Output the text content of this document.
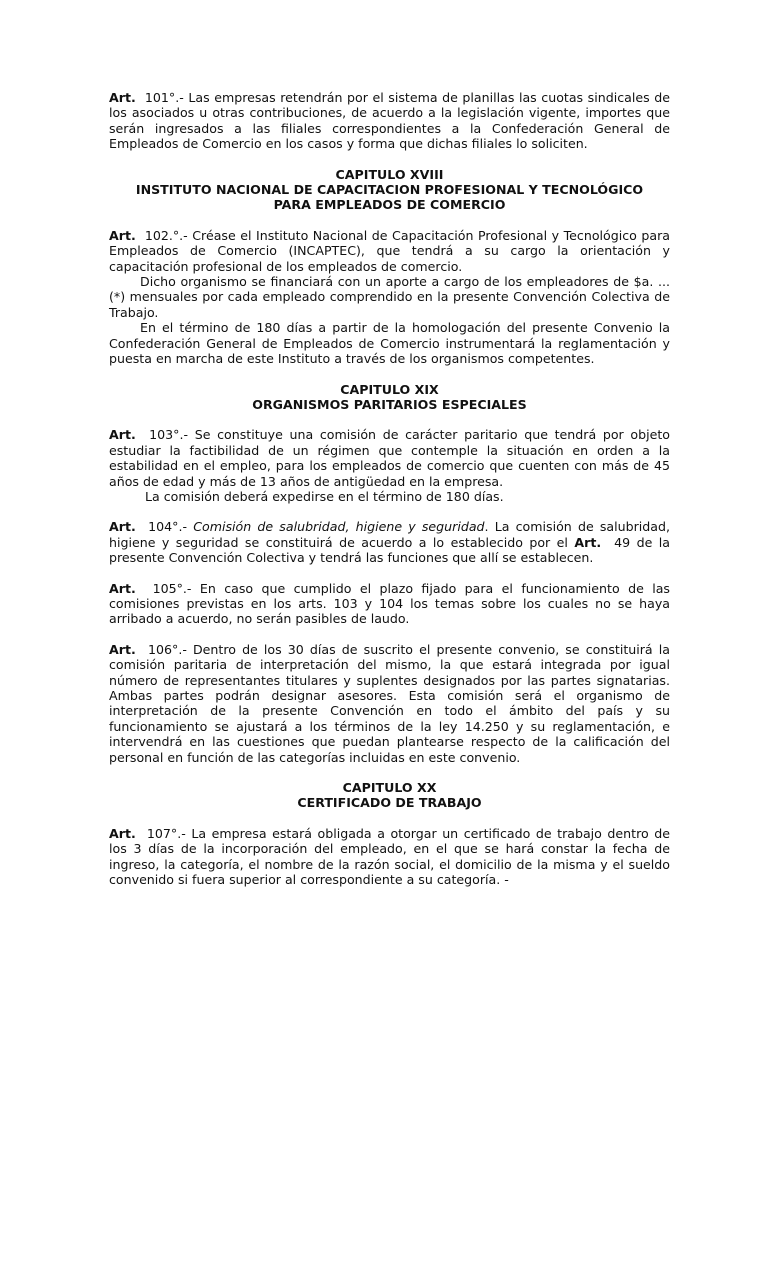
Art. 101°.- Las empresas retendrán por el sistema de planillas las cuotas sindicales de los asociados u otras contribuciones, de acuerdo a la legislación vigente, importes que serán ingresados a las filiales correspondientes a la Confederación General de Empleados de Comercio en los casos y forma que dichas filiales lo soliciten.

CAPITULO XVIII

INSTITUTO NACIONAL DE CAPACITACION PROFESIONAL Y TECNOLÓGICO

PARA EMPLEADOS DE COMERCIO

Art. 102.°.- Créase el Instituto Nacional de Capacitación Profesional y Tecnológico para Empleados de Comercio (INCAPTEC), que tendrá a su cargo la orientación y capacitación profesional de los empleados de comercio.

Dicho organismo se financiará con un aporte a cargo de los empleadores de $a. ... (*) mensuales por cada empleado comprendido en la presente Convención Colectiva de Trabajo.

En el término de 180 días a partir de la homologación del presente Convenio la Confederación General de Empleados de Comercio instrumentará la reglamentación y puesta en marcha de este Instituto a través de los organismos competentes.

CAPITULO XIX

ORGANISMOS PARITARIOS ESPECIALES

Art. 103°.- Se constituye una comisión de carácter paritario que tendrá por objeto estudiar la factibilidad de un régimen que contemple la situación en orden a la estabilidad en el empleo, para los empleados de comercio que cuenten con más de 45 años de edad y más de 13 años de antigüedad en la empresa.

La comisión deberá expedirse en el término de 180 días.

Art. 104°.- Comisión de salubridad, higiene y seguridad. La comisión de salubridad, higiene y seguridad se constituirá de acuerdo a lo establecido por el Art. 49 de la presente Convención Colectiva y tendrá las funciones que allí se establecen.

Art. 105°.- En caso que cumplido el plazo fijado para el funcionamiento de las comisiones previstas en los arts. 103 y 104 los temas sobre los cuales no se haya arribado a acuerdo, no serán pasibles de laudo.

Art. 106°.- Dentro de los 30 días de suscrito el presente convenio, se constituirá la comisión paritaria de interpretación del mismo, la que estará integrada por igual número de representantes titulares y suplentes designados por las partes signatarias. Ambas partes podrán designar asesores. Esta comisión será el organismo de interpretación de la presente Convención en todo el ámbito del país y su funcionamiento se ajustará a los términos de la ley 14.250 y su reglamentación, e intervendrá en las cuestiones que puedan plantearse respecto de la calificación del personal en función de las categorías incluidas en este convenio.

CAPITULO XX

CERTIFICADO DE TRABAJO

Art. 107°.- La empresa estará obligada a otorgar un certificado de trabajo dentro de los 3 días de la incorporación del empleado, en el que se hará constar la fecha de ingreso, la categoría, el nombre de la razón social, el domicilio de la misma y el sueldo convenido si fuera superior al correspondiente a su categoría. -
